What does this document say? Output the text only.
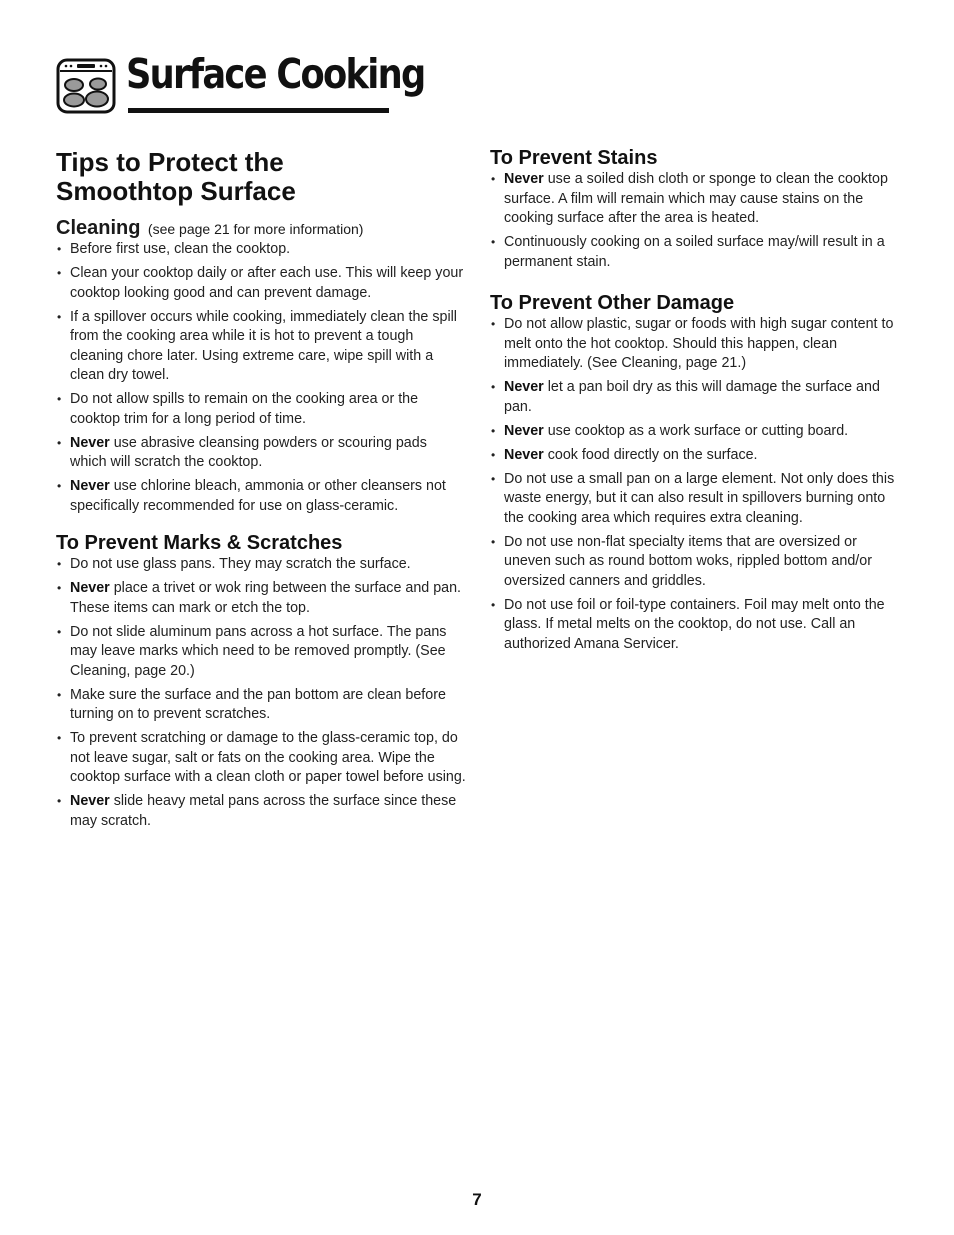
Surface Cooking
Tips to Protect the
Smoothtop Surface
Cleaning (see page 21 for more information)
• Before first use, clean the cooktop.
• Clean your cooktop daily or after each use. This will keep your cooktop looking good and can prevent damage.
• If a spillover occurs while cooking, immediately clean the spill from the cooking area while it is hot to prevent a tough cleaning chore later. Using extreme care, wipe spill with a clean dry towel.
• Do not allow spills to remain on the cooking area or the cooktop trim for a long period of time.
• Never use abrasive cleansing powders or scouring pads which will scratch the cooktop.
• Never use chlorine bleach, ammonia or other cleansers not specifically recommended for use on glass-ceramic.
To Prevent Marks & Scratches
• Do not use glass pans. They may scratch the surface.
• Never place a trivet or wok ring between the surface and pan. These items can mark or etch the top.
• Do not slide aluminum pans across a hot surface. The pans may leave marks which need to be removed promptly. (See Cleaning, page 20.)
• Make sure the surface and the pan bottom are clean before turning on to prevent scratches.
• To prevent scratching or damage to the glass-ceramic top, do not leave sugar, salt or fats on the cooking area. Wipe the cooktop surface with a clean cloth or paper towel before using.
• Never slide heavy metal pans across the surface since these may scratch.
To Prevent Stains
• Never use a soiled dish cloth or sponge to clean the cooktop surface. A film will remain which may cause stains on the cooking surface after the area is heated.
• Continuously cooking on a soiled surface may/will result in a permanent stain.
To Prevent Other Damage
• Do not allow plastic, sugar or foods with high sugar content to melt onto the hot cooktop. Should this happen, clean immediately. (See Cleaning, page 21.)
• Never let a pan boil dry as this will damage the surface and pan.
• Never use cooktop as a work surface or cutting board.
• Never cook food directly on the surface.
• Do not use a small pan on a large element. Not only does this waste energy, but it can also result in spillovers burning onto the cooking area which requires extra cleaning.
• Do not use non-flat specialty items that are oversized or uneven such as round bottom woks, rippled bottom and/or oversized canners and griddles.
• Do not use foil or foil-type containers. Foil may melt onto the glass. If metal melts on the cooktop, do not use. Call an authorized Amana Servicer.
7
